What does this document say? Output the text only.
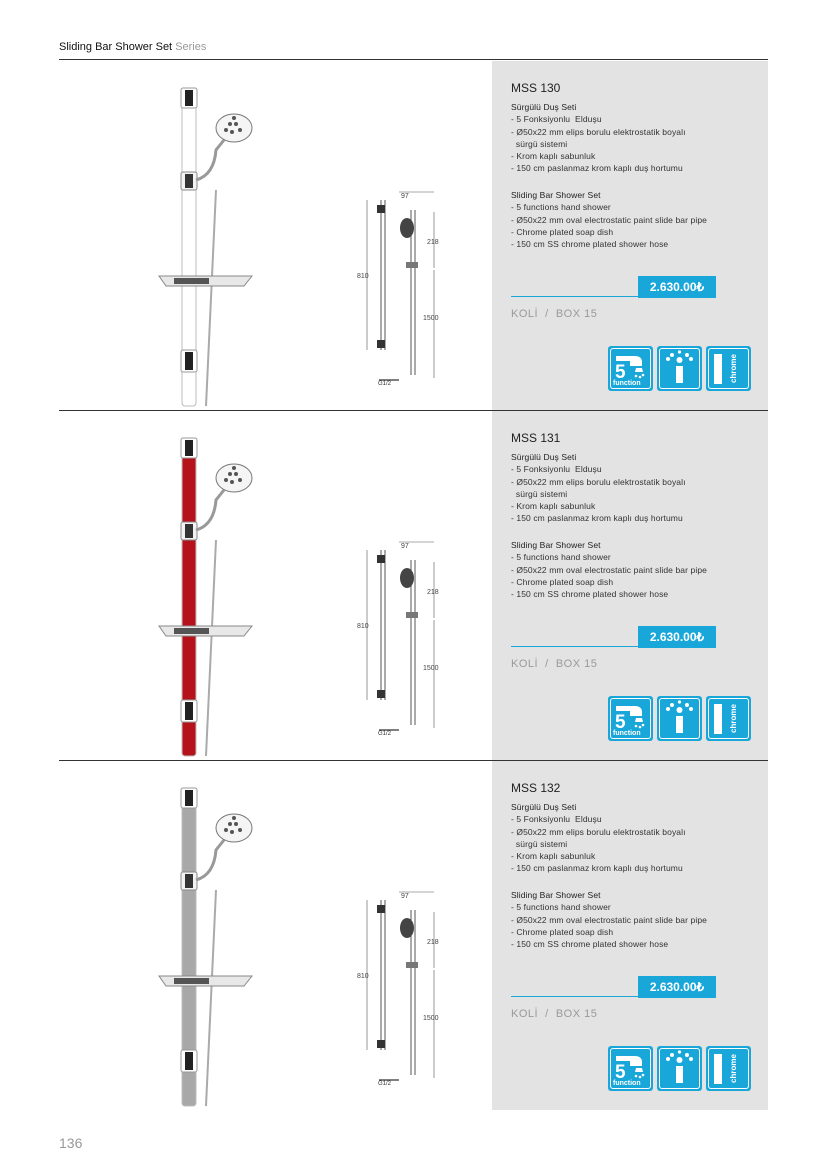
Sliding Bar Shower Set Series
97
218
810
1500
G1/2
MSS 130
Sürgülü Duş Seti
- 5 Fonksiyonlu  Elduşu
- Ø50x22 mm elips borulu elektrostatik boyalı
sürgü sistemi
- Krom kaplı sabunluk
- 150 cm paslanmaz krom kaplı duş hortumu
Sliding Bar Shower Set
- 5 functions hand shower
- Ø50x22 mm oval electrostatic paint slide bar pipe
- Chrome plated soap dish
- 150 cm SS chrome plated shower hose
2.630.00₺
KOLİ  /  BOX 15
5
function
chrome
97
218
810
1500
G1/2
MSS 131
Sürgülü Duş Seti
- 5 Fonksiyonlu  Elduşu
- Ø50x22 mm elips borulu elektrostatik boyalı
sürgü sistemi
- Krom kaplı sabunluk
- 150 cm paslanmaz krom kaplı duş hortumu
Sliding Bar Shower Set
- 5 functions hand shower
- Ø50x22 mm oval electrostatic paint slide bar pipe
- Chrome plated soap dish
- 150 cm SS chrome plated shower hose
2.630.00₺
KOLİ  /  BOX 15
5
function
chrome
97
218
810
1500
G1/2
MSS 132
Sürgülü Duş Seti
- 5 Fonksiyonlu  Elduşu
- Ø50x22 mm elips borulu elektrostatik boyalı
sürgü sistemi
- Krom kaplı sabunluk
- 150 cm paslanmaz krom kaplı duş hortumu
Sliding Bar Shower Set
- 5 functions hand shower
- Ø50x22 mm oval electrostatic paint slide bar pipe
- Chrome plated soap dish
- 150 cm SS chrome plated shower hose
2.630.00₺
KOLİ  /  BOX 15
5
function
chrome
136
